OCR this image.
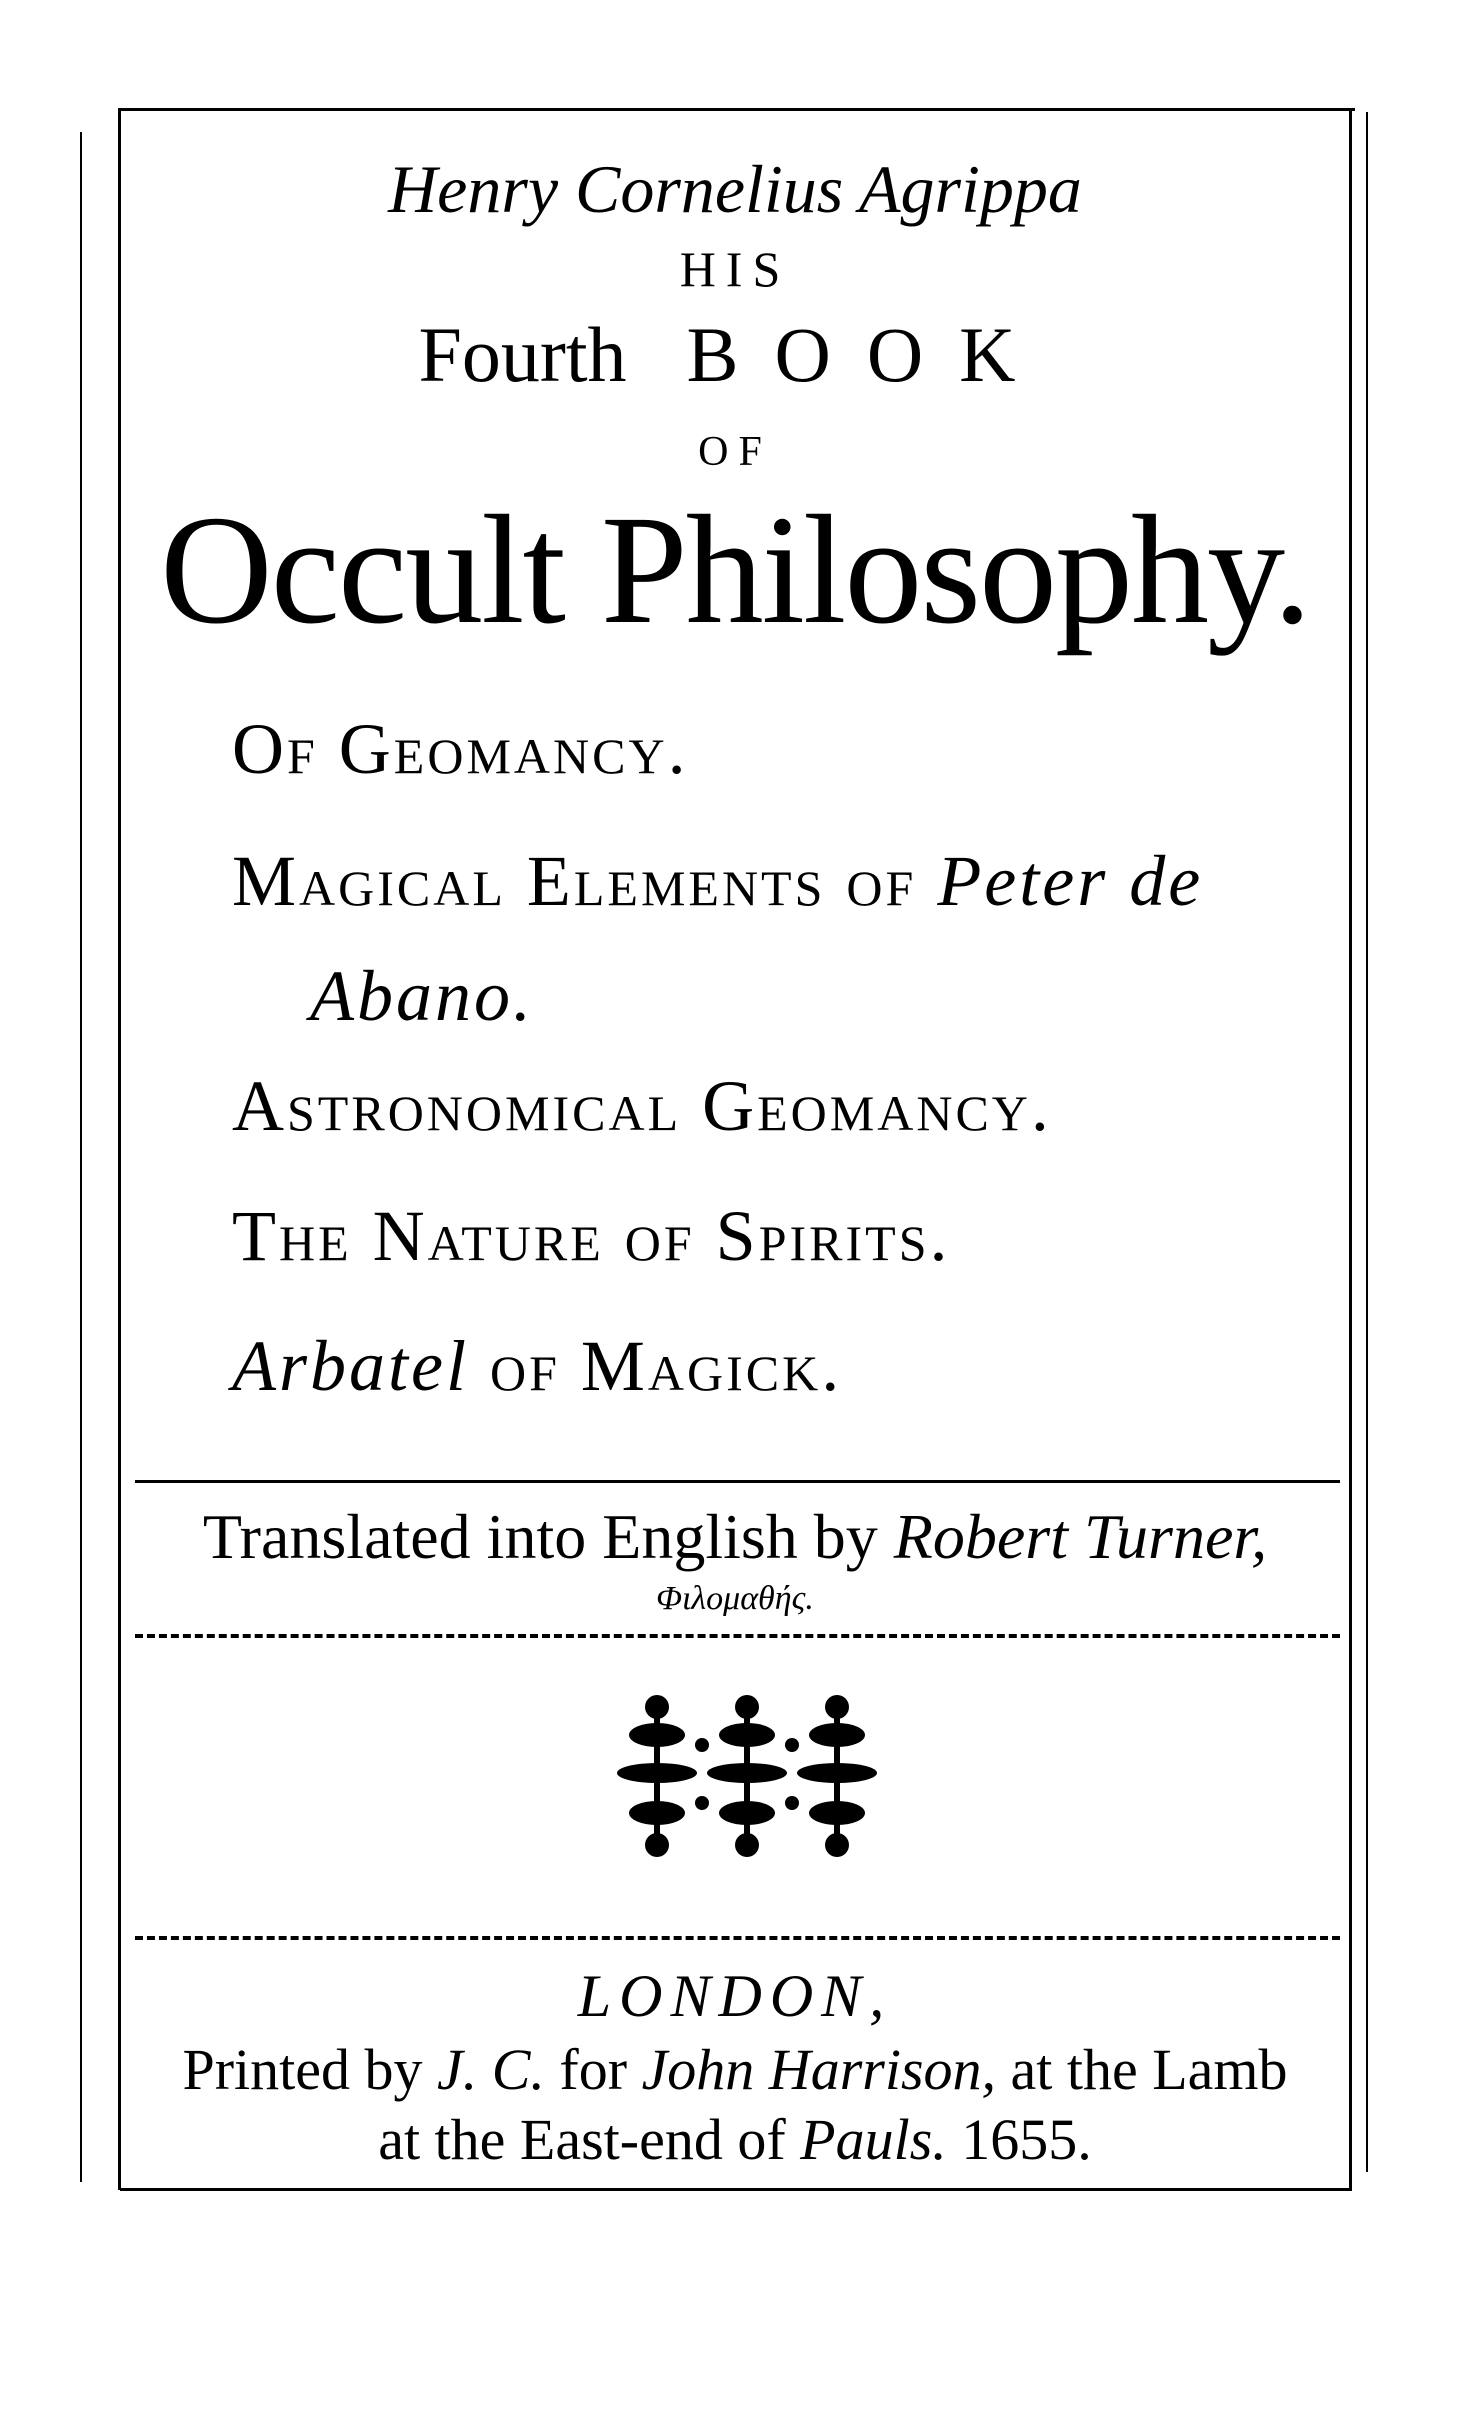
Henry Cornelius Agrippa
HIS
Fourth BOOK
OF
Occult Philosophy.
Of Geomancy.
Magical Elements of Peter de
Abano.
Astronomical Geomancy.
The Nature of Spirits.
Arbatel of Magick.
Translated into English by Robert Turner,
Φιλομαθής.
LONDON,
Printed by J. C. for John Harrison, at the Lamb
at the East-end of Pauls. 1655.
